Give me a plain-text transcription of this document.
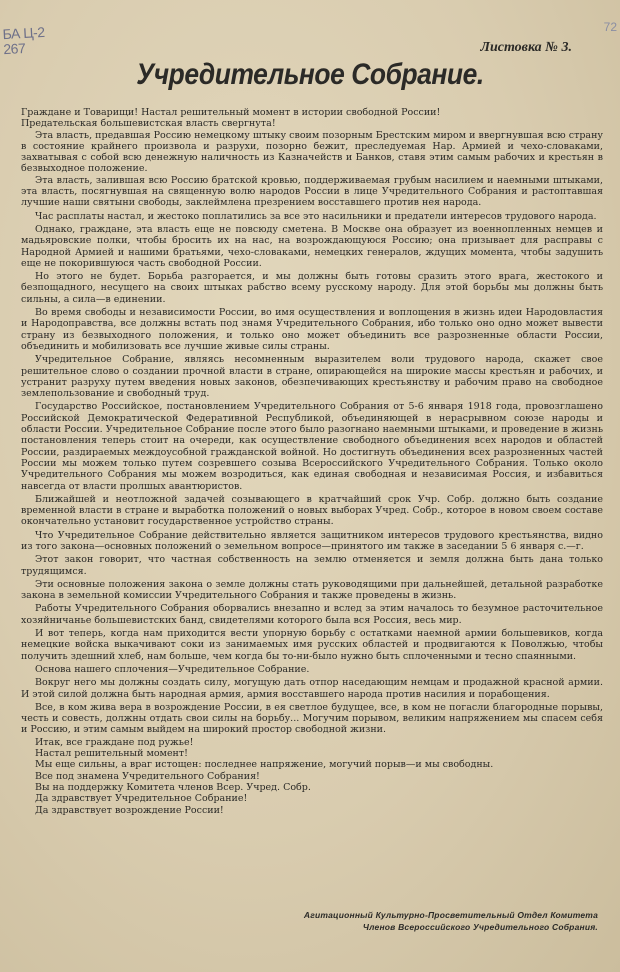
БА Ц-2
267
72
Листовка № 3.
Учредительное Собрание.

Граждане и Товарищи! Настал решительный момент в истории свободной России!

Предательская большевистская власть свергнута!

Эта власть, предавшая Россию немецкому штыку своим позорным Брестским миром и ввергнувшая всю страну в состояние крайнего произвола и разрухи, позорно бежит, преследуемая Нар. Армией и чехо-словаками, захватывая с собой всю денежную наличность из Казначейств и Банков, ставя этим самым рабочих и крестьян в безвыходное положение.

Эта власть, залившая всю Россию братской кровью, поддерживаемая грубым насилием и наемными штыками, эта власть, посягнувшая на священную волю народов России в лице Учредительного Собрания и растоптавшая лучшие наши святыни свободы, заклеймлена презрением восставшего против нея народа.

Час расплаты настал, и жестоко поплатились за все это насильники и предатели интересов трудового народа.

Однако, граждане, эта власть еще не повсюду сметена. В Москве она образует из военнопленных немцев и мадьяровские полки, чтобы бросить их на нас, на возрождающуюся Россию; она призывает для расправы с Народной Армией и нашими братьями, чехо-словаками, немецких генералов, ждущих момента, чтобы задушить еще не покорившуюся часть свободной России.

Но этого не будет. Борьба разгорается, и мы должны быть готовы сразить этого врага, жестокого и безпощадного, несущего на своих штыках рабство всему русскому народу. Для этой борьбы мы должны быть сильны, а сила—в единении.

Во время свободы и независимости России, во имя осуществления и воплощения в жизнь идеи Народовластия и Народоправства, все должны встать под знамя Учредительного Собрания, ибо только оно одно может вывести страну из безвыходного положения, и только оно может объединить все разрозненные области России, объединить и мобилизовать все лучшие живые силы страны.

Учредительное Собрание, являясь несомненным выразителем воли трудового народа, скажет свое решительное слово о создании прочной власти в стране, опирающейся на широкие массы крестьян и рабочих, и устранит разруху путем введения новых законов, обезпечивающих крестьянству и рабочим право на свободное землепользование и свободный труд.

Государство Российское, постановлением Учредительного Собрания от 5-6 января 1918 года, провозглашено Российской Демократической Федеративной Республикой, объединяющей в нерасрывном союзе народы и области России. Учредительное Собрание после этого было разогнано наемными штыками, и проведение в жизнь постановления теперь стоит на очереди, как осуществление свободного объединения всех народов и областей России, раздираемых междоусобной гражданской войной. Но достигнуть объединения всех разрозненных частей России мы можем только путем созревшего созыва Всероссийского Учредительного Собрания. Только около Учредительного Собрания мы можем возродиться, как единая свободная и независимая Россия, и избавиться навсегда от власти пролшых авантюристов.

Ближайшей и неотложной задачей созывающего в кратчайший срок Учр. Собр. должно быть создание временной власти в стране и выработка положений о новых выборах Учред. Собр., которое в новом своем составе окончательно установит государственное устройство страны.

Что Учредительное Собрание действительно является защитником интересов трудового крестьянства, видно из того закона—основных положений о земельном вопросе—принятого им также в заседании 5 6 января с.—г.

Этот закон говорит, что частная собственность на землю отменяется и земля должна быть дана только трудящимся.

Эти основные положения закона о земле должны стать руководящими при дальнейшей, детальной разработке закона в земельной комиссии Учредительного Собрания и также проведены в жизнь.

Работы Учредительного Собрания оборвались внезапно и вслед за этим началось то безумное расточительное хозяйничанье большевистских банд, свидетелями которого была вся Россия, весь мир.

И вот теперь, когда нам приходится вести упорную борьбу с остатками наемной армии большевиков, когда немецкие войска выкачивают соки из занимаемых имя русских областей и продвигаются к Поволжью, чтобы получить здешний хлеб, нам больше, чем когда бы то-ни-было нужно быть сплоченными и тесно спаянными.

Основа нашего сплочения—Учредительное Собрание.

Вокруг него мы должны создать силу, могущую дать отпор наседающим немцам и продажной красной армии. И этой силой должна быть народная армия, армия восставшего народа против насилия и порабощения.

Все, в ком жива вера в возрождение России, в ея светлое будущее, все, в ком не погасли благородные порывы, честь и совесть, должны отдать свои силы на борьбу... Могучим порывом, великим напряжением мы спасем себя и Россию, и этим самым выйдем на широкий простор свободной жизни.

Итак, все граждане под ружье!

Настал решительный момент!

Мы еще сильны, а враг истощен: последнее напряжение, могучий порыв—и мы свободны.

Все под знамена Учредительного Собрания!

Вы на поддержку Комитета членов Всер. Учред. Собр.

Да здравствует Учредительное Собрание!

Да здравствует возрождение России!

Агитационный Культурно-Просветительный Отдел Комитета
Членов Всероссийского Учредительного Собрания.
